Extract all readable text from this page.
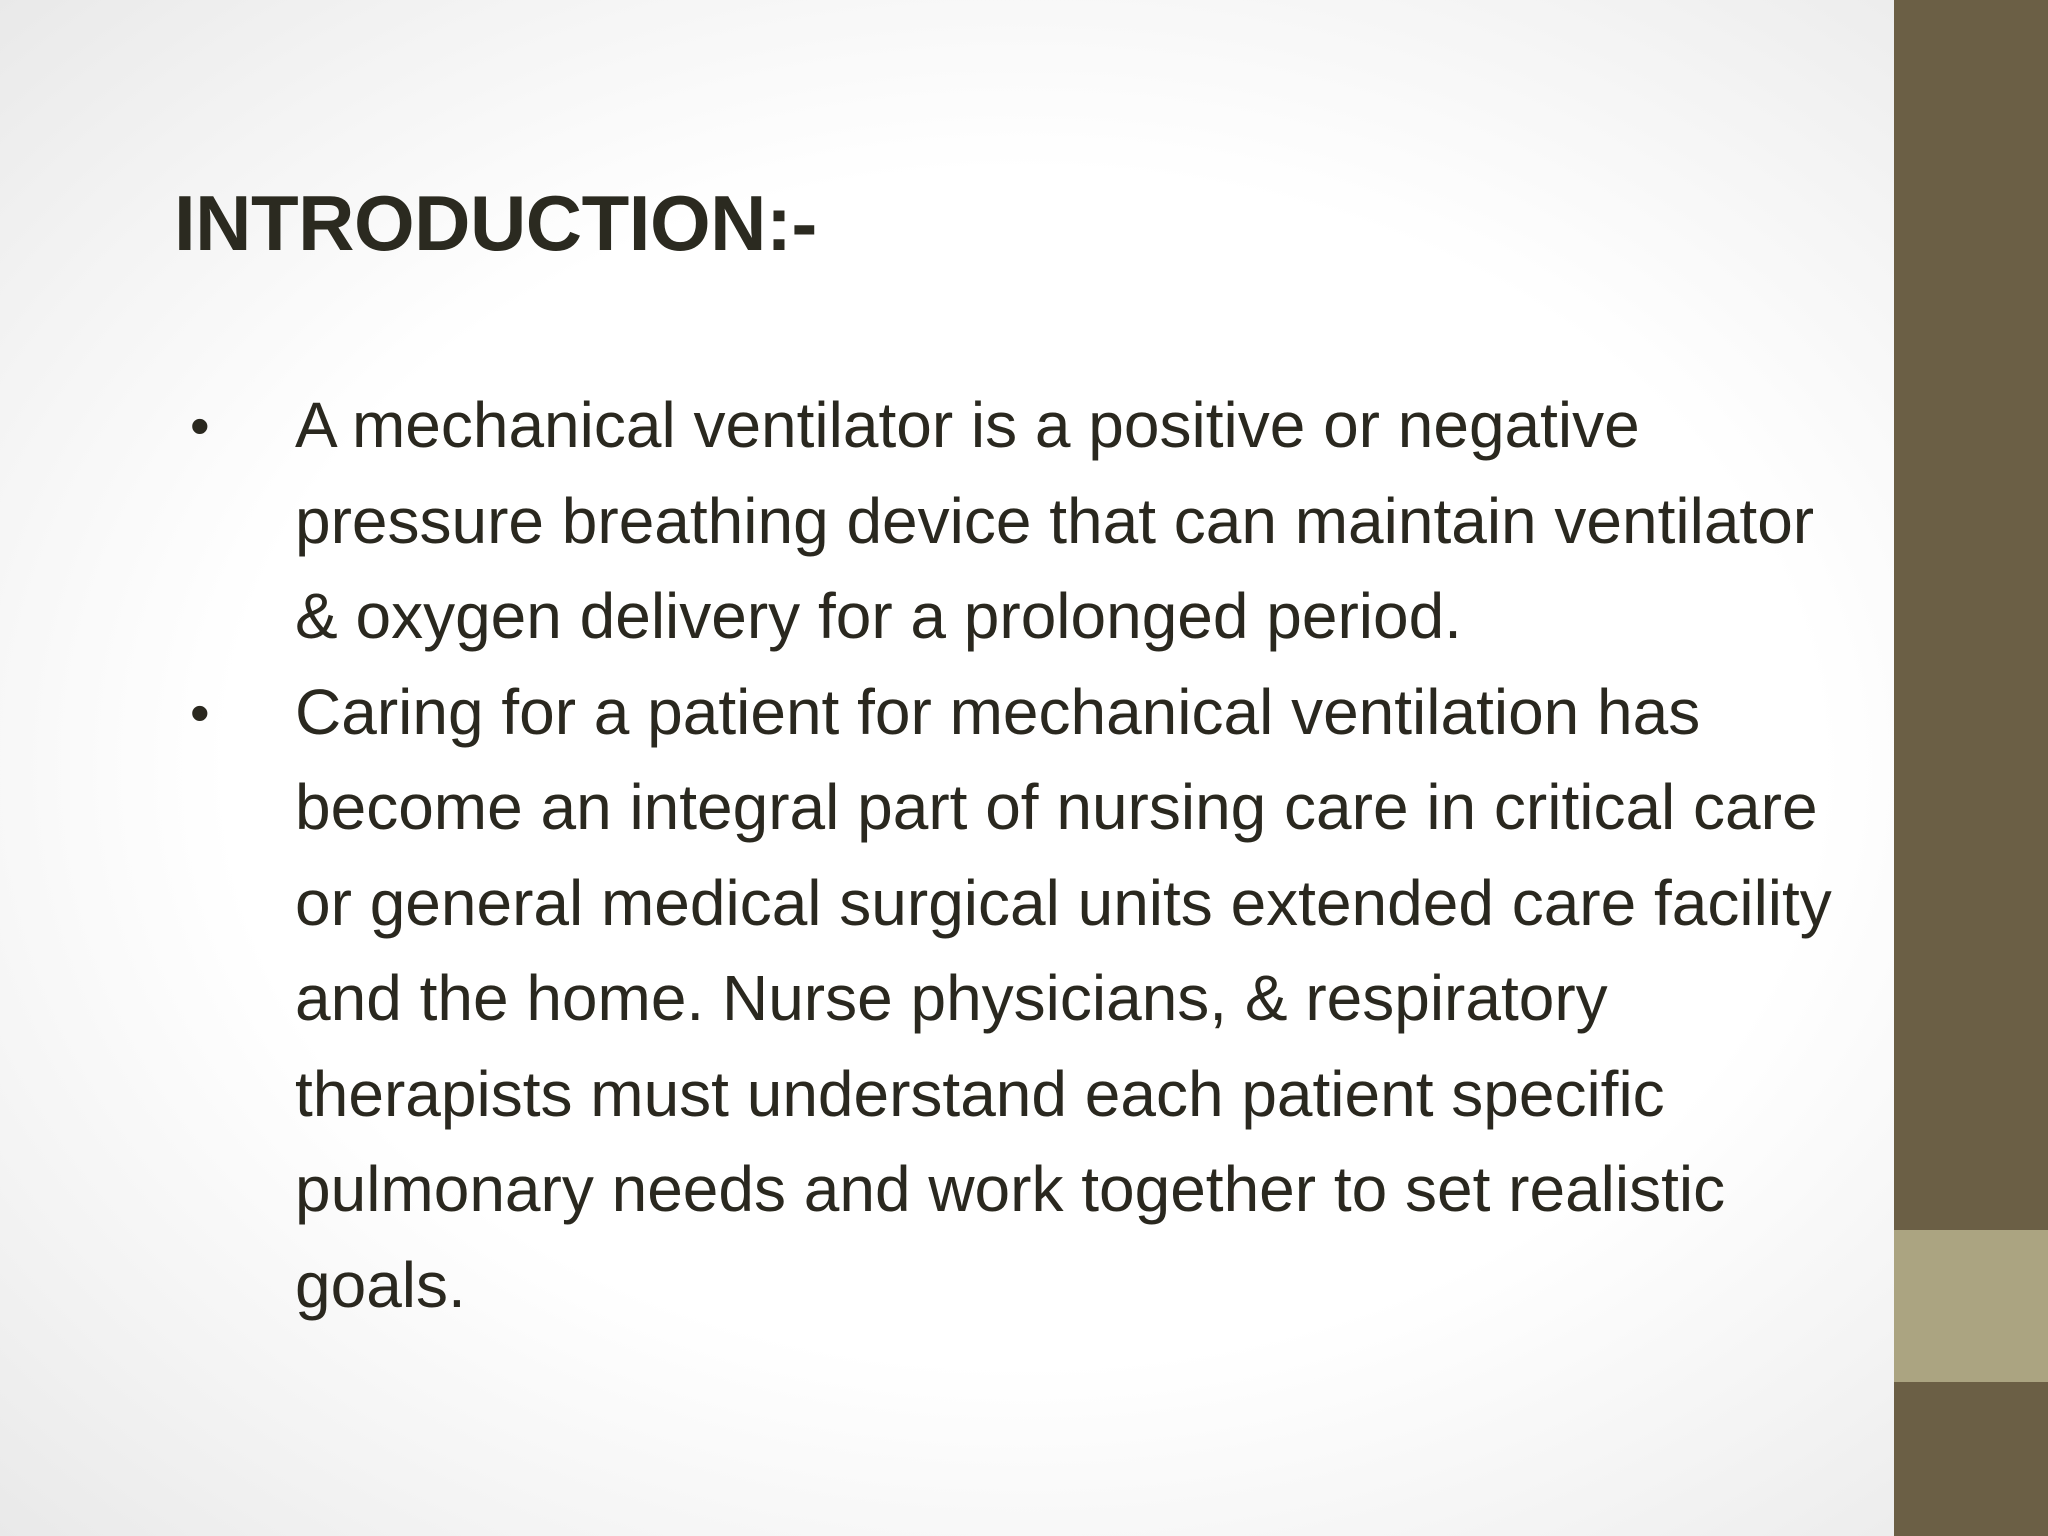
INTRODUCTION:-
• A mechanical ventilator is a positive or negative pressure breathing device that can maintain ventilator & oxygen delivery for a prolonged period.
• Caring for a patient for mechanical ventilation has become an integral part of nursing care in critical care or general medical surgical units extended care facility and the home. Nurse physicians, & respiratory therapists must understand each patient specific pulmonary needs and work together to set realistic goals.
